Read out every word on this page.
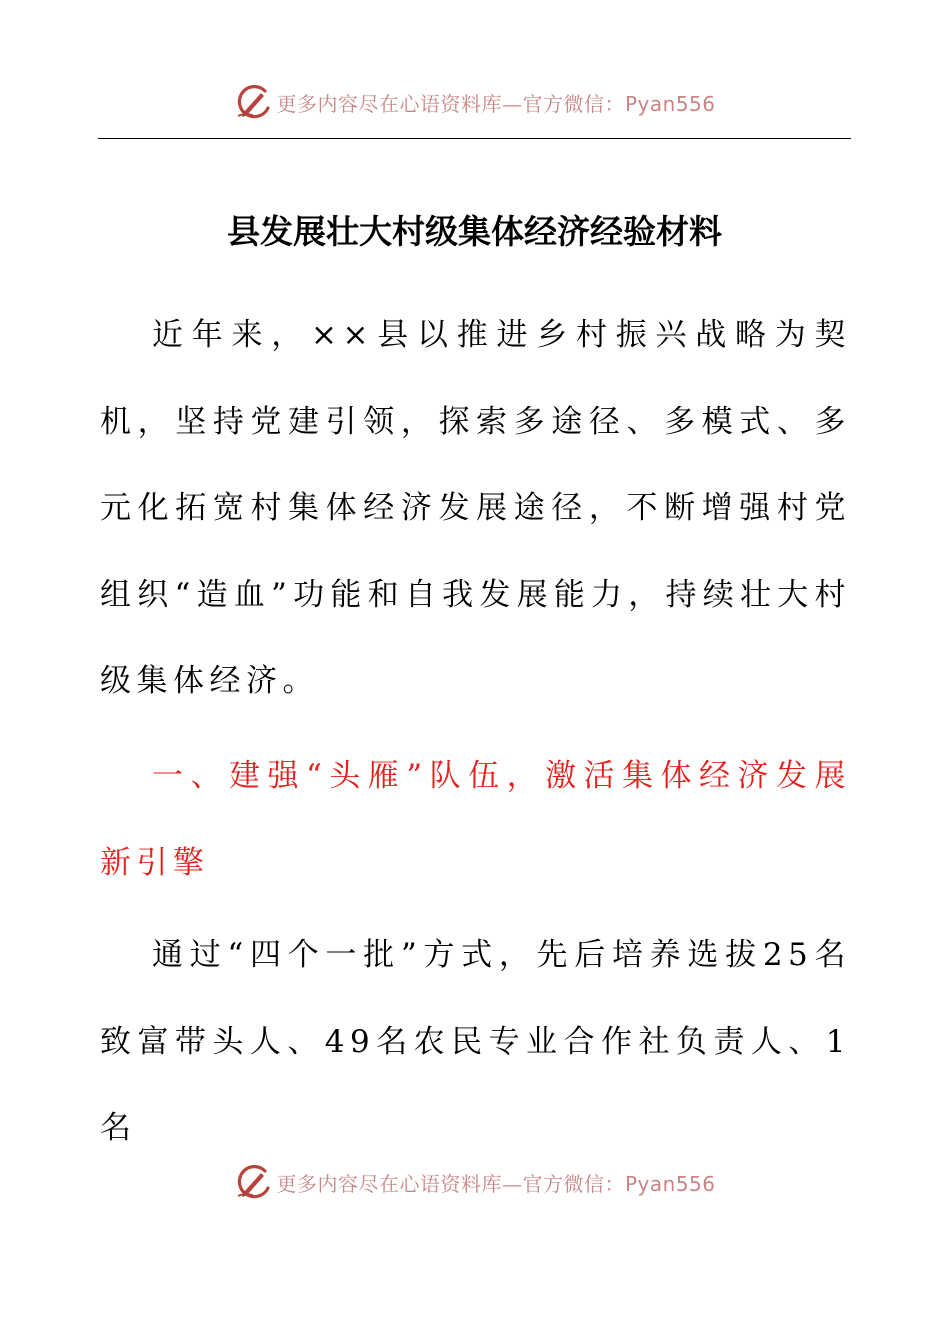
更多内容尽在心语资料库—官方微信：Pyan556
县发展壮大村级集体经济经验材料

近年来，××县以推进乡村振兴战略为契机，坚持党建引领，探索多途径、多模式、多元化拓宽村集体经济发展途径，不断增强村党组织“造血”功能和自我发展能力，持续壮大村级集体经济。

一、建强“头雁”队伍，激活集体经济发展新引擎

通过“四个一批”方式，先后培养选拔25名致富带头人、49名农民专业合作社负责人、1名

更多内容尽在心语资料库—官方微信：Pyan556
